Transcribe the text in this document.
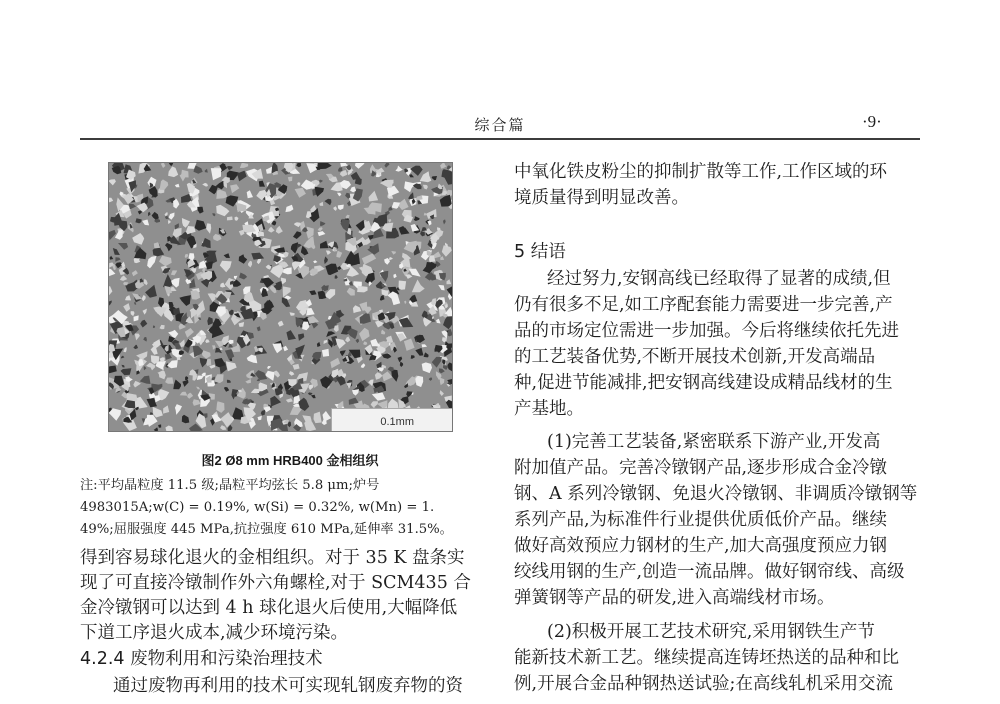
综合篇	·9·
0.1mm
图2 Ø8 mm HRB400 金相组织
注:平均晶粒度 11.5 级;晶粒平均弦长 5.8 μm;炉号
4983015A;w(C) = 0.19%, w(Si) = 0.32%, w(Mn) = 1.
49%;屈服强度 445 MPa,抗拉强度 610 MPa,延伸率 31.5%。
得到容易球化退火的金相组织。对于 35 K 盘条实
现了可直接冷镦制作外六角螺栓,对于 SCM435 合
金冷镦钢可以达到 4 h 球化退火后使用,大幅降低
下道工序退火成本,减少环境污染。
4.2.4 废物利用和污染治理技术
通过废物再利用的技术可实现轧钢废弃物的资
中氧化铁皮粉尘的抑制扩散等工作,工作区域的环
境质量得到明显改善。
5 结语
经过努力,安钢高线已经取得了显著的成绩,但
仍有很多不足,如工序配套能力需要进一步完善,产
品的市场定位需进一步加强。今后将继续依托先进
的工艺装备优势,不断开展技术创新,开发高端品
种,促进节能减排,把安钢高线建设成精品线材的生
产基地。
(1)完善工艺装备,紧密联系下游产业,开发高
附加值产品。完善冷镦钢产品,逐步形成合金冷镦
钢、A 系列冷镦钢、免退火冷镦钢、非调质冷镦钢等
系列产品,为标准件行业提供优质低价产品。继续
做好高效预应力钢材的生产,加大高强度预应力钢
绞线用钢的生产,创造一流品牌。做好钢帘线、高级
弹簧钢等产品的研发,进入高端线材市场。
(2)积极开展工艺技术研究,采用钢铁生产节
能新技术新工艺。继续提高连铸坯热送的品种和比
例,开展合金品种钢热送试验;在高线轧机采用交流
